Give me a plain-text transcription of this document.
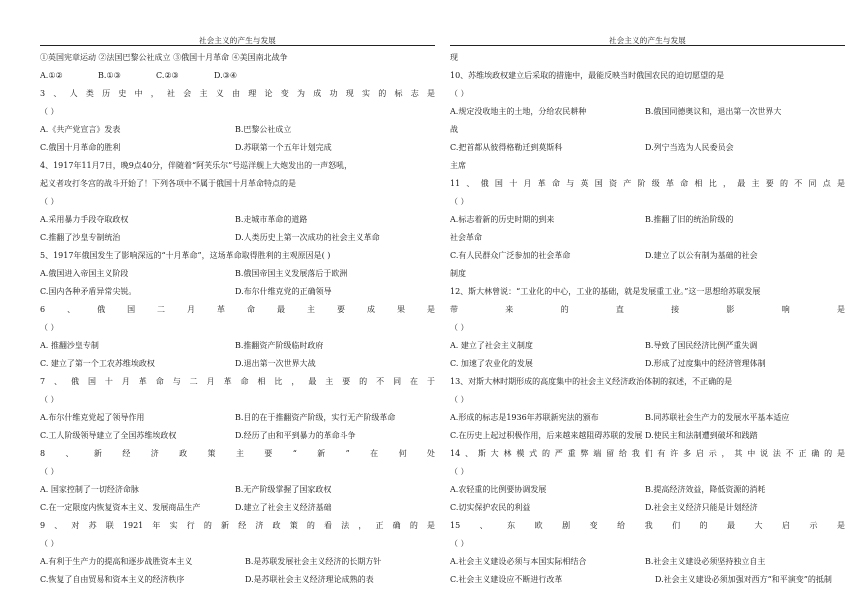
社会主义的产生与发展
①英国宪章运动 ②法国巴黎公社成立 ③俄国十月革命 ④美国南北战争
A.①②	B.①③	C.②③	D.③④
3、人类历史中，社会主义由理论变为成功现实的标志是
（ ）
A.《共产党宣言》发表	B.巴黎公社成立
C.俄国十月革命的胜利	D.苏联第一个五年计划完成
4、1917年11月7日，晚9点40分，伴随着“阿芙乐尔”号巡洋舰上大炮发出的一声怒吼，
起义者攻打冬宫的战斗开始了！下列各项中不属于俄国十月革命特点的是
（ ）
A.采用暴力手段夺取政权	B.走城市革命的道路
C.推翻了沙皇专制统治	D.人类历史上第一次成功的社会主义革命
5、1917年俄国发生了影响深远的“十月革命”，这场革命取得胜利的主观原因是( )
A.俄国进入帝国主义阶段	B.俄国帝国主义发展落后于欧洲
C.国内各种矛盾异常尖锐。	D.布尔什维克党的正确领导
6、俄国二月革命最主要成果是
（ ）
A. 推翻沙皇专制	B.推翻资产阶级临时政府
C. 建立了第一个工农苏维埃政权	D.退出第一次世界大战
7、俄国十月革命与二月革命相比，最主要的不同在于
（ ）
A.布尔什维克党起了领导作用	B.目的在于推翻资产阶级，实行无产阶级革命
C.工人阶级领导建立了全国苏维埃政权	D.经历了由和平到暴力的革命斗争
8、新经济政策主要“新”在何处
（ ）
A. 国家控制了一切经济命脉	B.无产阶级掌握了国家政权
C.在一定限度内恢复资本主义、发展商品生产	D.建立了社会主义经济基础
9、对苏联1921年实行的新经济政策的看法，正确的是
（ ）
A.有利于生产力的提高和逐步战胜资本主义	B.是苏联发展社会主义经济的长期方针
C.恢复了自由贸易和资本主义的经济秩序	D.是苏联社会主义经济理论成熟的表
社会主义的产生与发展
现
10、苏维埃政权建立后采取的措施中，最能反映当时俄国农民的迫切愿望的是
（ ）
A.规定没收地主的土地，分给农民耕种	B.俄国同德奥议和，退出第一次世界大
战
C.把首都从彼得格勒迁到莫斯科	D.列宁当选为人民委员会
主席
11、俄国十月革命与英国资产阶级革命相比，最主要的不同点是
（ ）
A.标志着新的历史时期的到来	B.推翻了旧的统治阶级的
社会革命
C.有人民群众广泛参加的社会革命	D.建立了以公有制为基础的社会
制度
12、斯大林曾说：“工业化的中心，工业的基础，就是发展重工业。”这一思想给苏联发展
带来的直接影响是
（ ）
A. 建立了社会主义制度	B.导致了国民经济比例严重失调
C. 加速了农业化的发展	D.形成了过度集中的经济管理体制
13、对斯大林时期形成的高度集中的社会主义经济政治体制的叙述，不正确的是
（ ）
A.形成的标志是1936年苏联新宪法的颁布	B.同苏联社会生产力的发展水平基本适应
C.在历史上起过积极作用，后来越来越阻碍苏联的发展 D.使民主和法制遭到破坏和践踏
14、斯大林模式的严重弊端留给我们有许多启示，其中说法不正确的是
（ ）
A.农轻重的比例要协调发展	B.提高经济效益，降低资源的消耗
C.切实保护农民的利益	D.社会主义经济只能是计划经济
15、东欧剧变给我们的最大启示是
（ ）
A.社会主义建设必须与本国实际相结合	B.社会主义建设必须坚持独立自主
C.社会主义建设应不断进行改革	D.社会主义建设必须加强对西方“和平演变”的抵制
